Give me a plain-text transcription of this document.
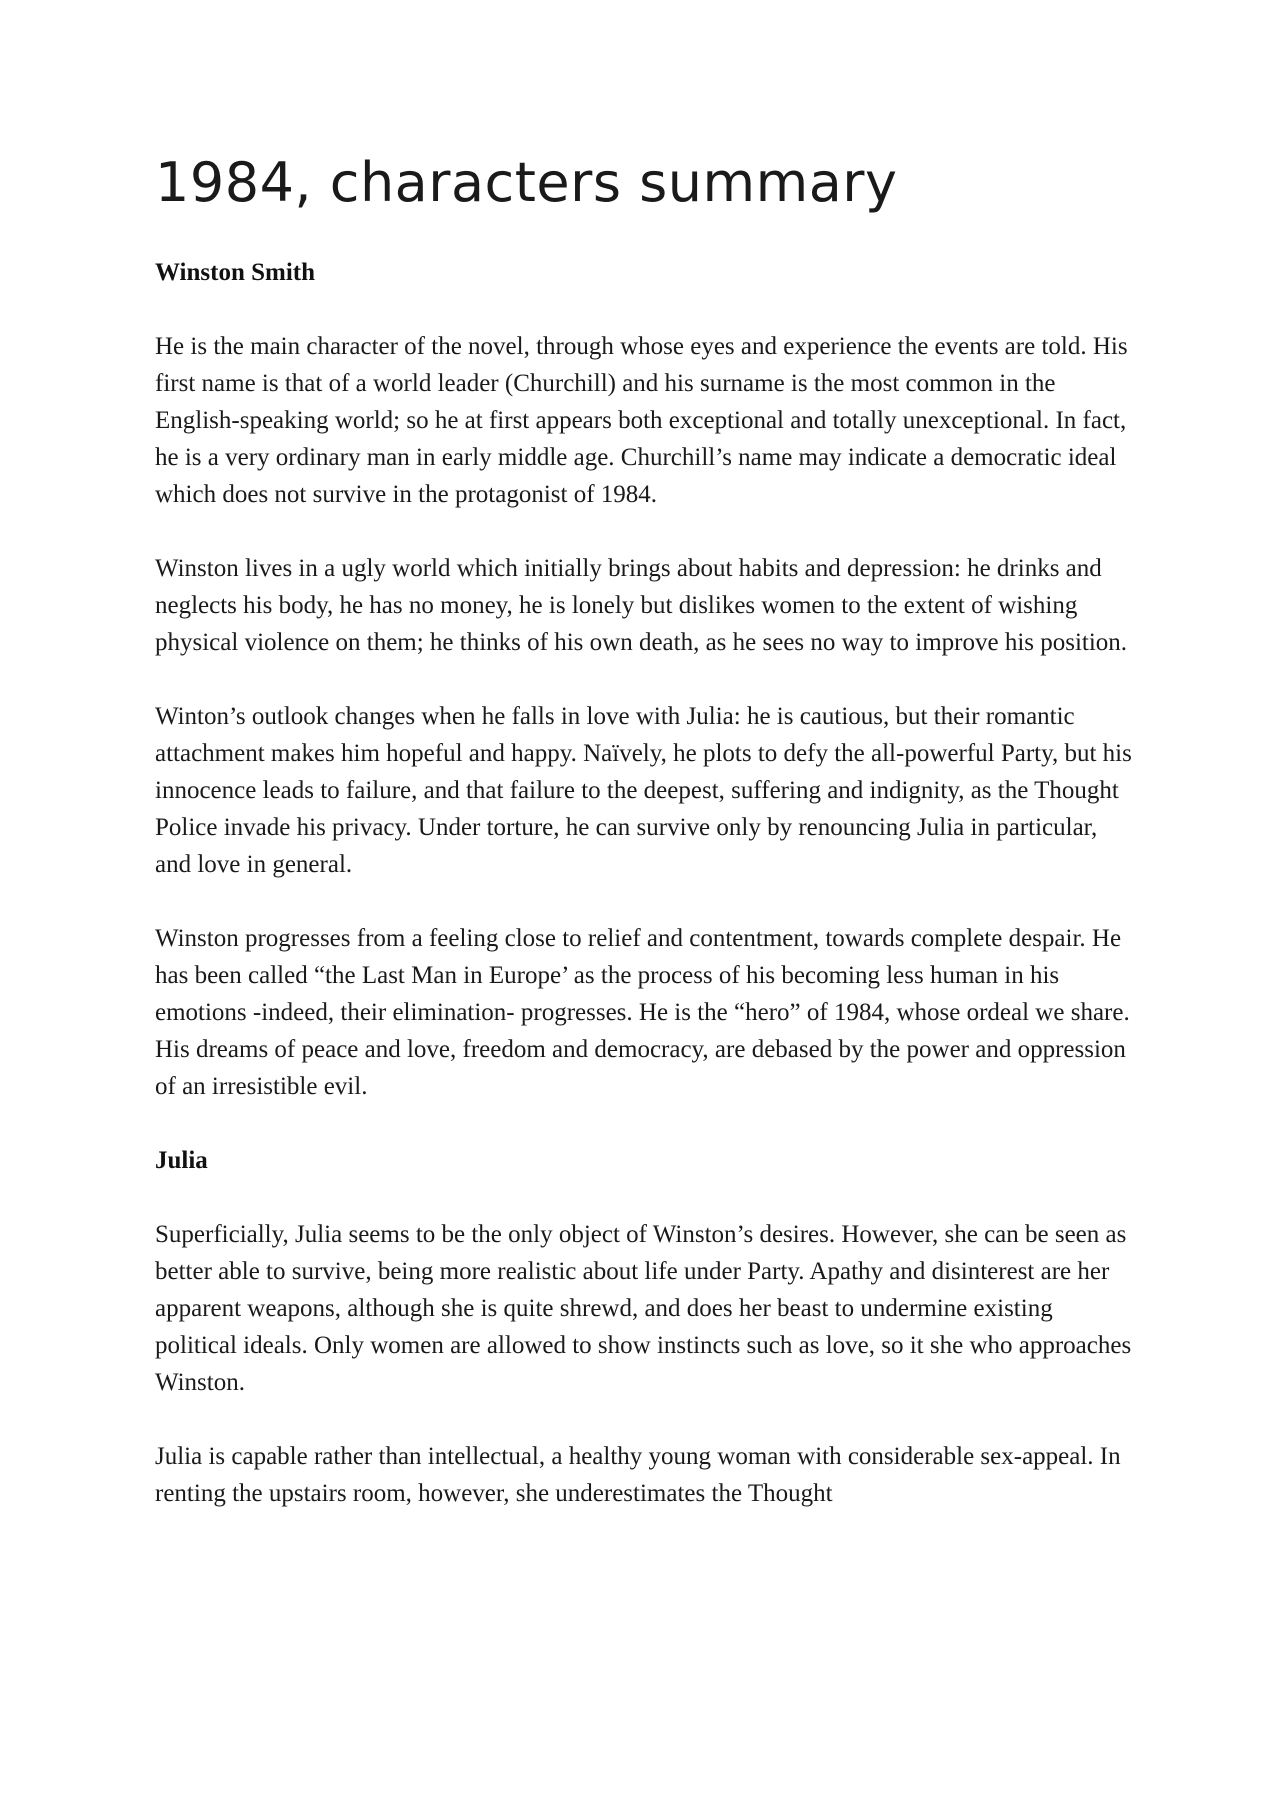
1984, characters summary
Winston Smith

He is the main character of the novel, through whose eyes and experience the events are told. His first name is that of a world leader (Churchill) and his surname is the most common in the English-speaking world; so he at first appears both exceptional and totally unexceptional. In fact, he is a very ordinary man in early middle age. Churchill’s name may indicate a democratic ideal which does not survive in the protagonist of 1984.

Winston lives in a ugly world which initially brings about habits and depression: he drinks and neglects his body, he has no money, he is lonely but dislikes women to the extent of wishing physical violence on them; he thinks of his own death, as he sees no way to improve his position.

Winton’s outlook changes when he falls in love with Julia: he is cautious, but their romantic attachment makes him hopeful and happy. Naïvely, he plots to defy the all-powerful Party, but his innocence leads to failure, and that failure to the deepest, suffering and indignity, as the Thought Police invade his privacy. Under torture, he can survive only by renouncing Julia in particular, and love in general.

Winston progresses from a feeling close to relief and contentment, towards complete despair. He has been called “the Last Man in Europe’ as the process of his becoming less human in his emotions -indeed, their elimination- progresses. He is the “hero” of 1984, whose ordeal we share. His dreams of peace and love, freedom and democracy, are debased by the power and oppression of an irresistible evil.

Julia

Superficially, Julia seems to be the only object of Winston’s desires. However, she can be seen as better able to survive, being more realistic about life under Party. Apathy and disinterest are her apparent weapons, although she is quite shrewd, and does her beast to undermine existing political ideals. Only women are allowed to show instincts such as love, so it she who approaches Winston.

Julia is capable rather than intellectual, a healthy young woman with considerable sex-appeal. In renting the upstairs room, however, she underestimates the Thought
